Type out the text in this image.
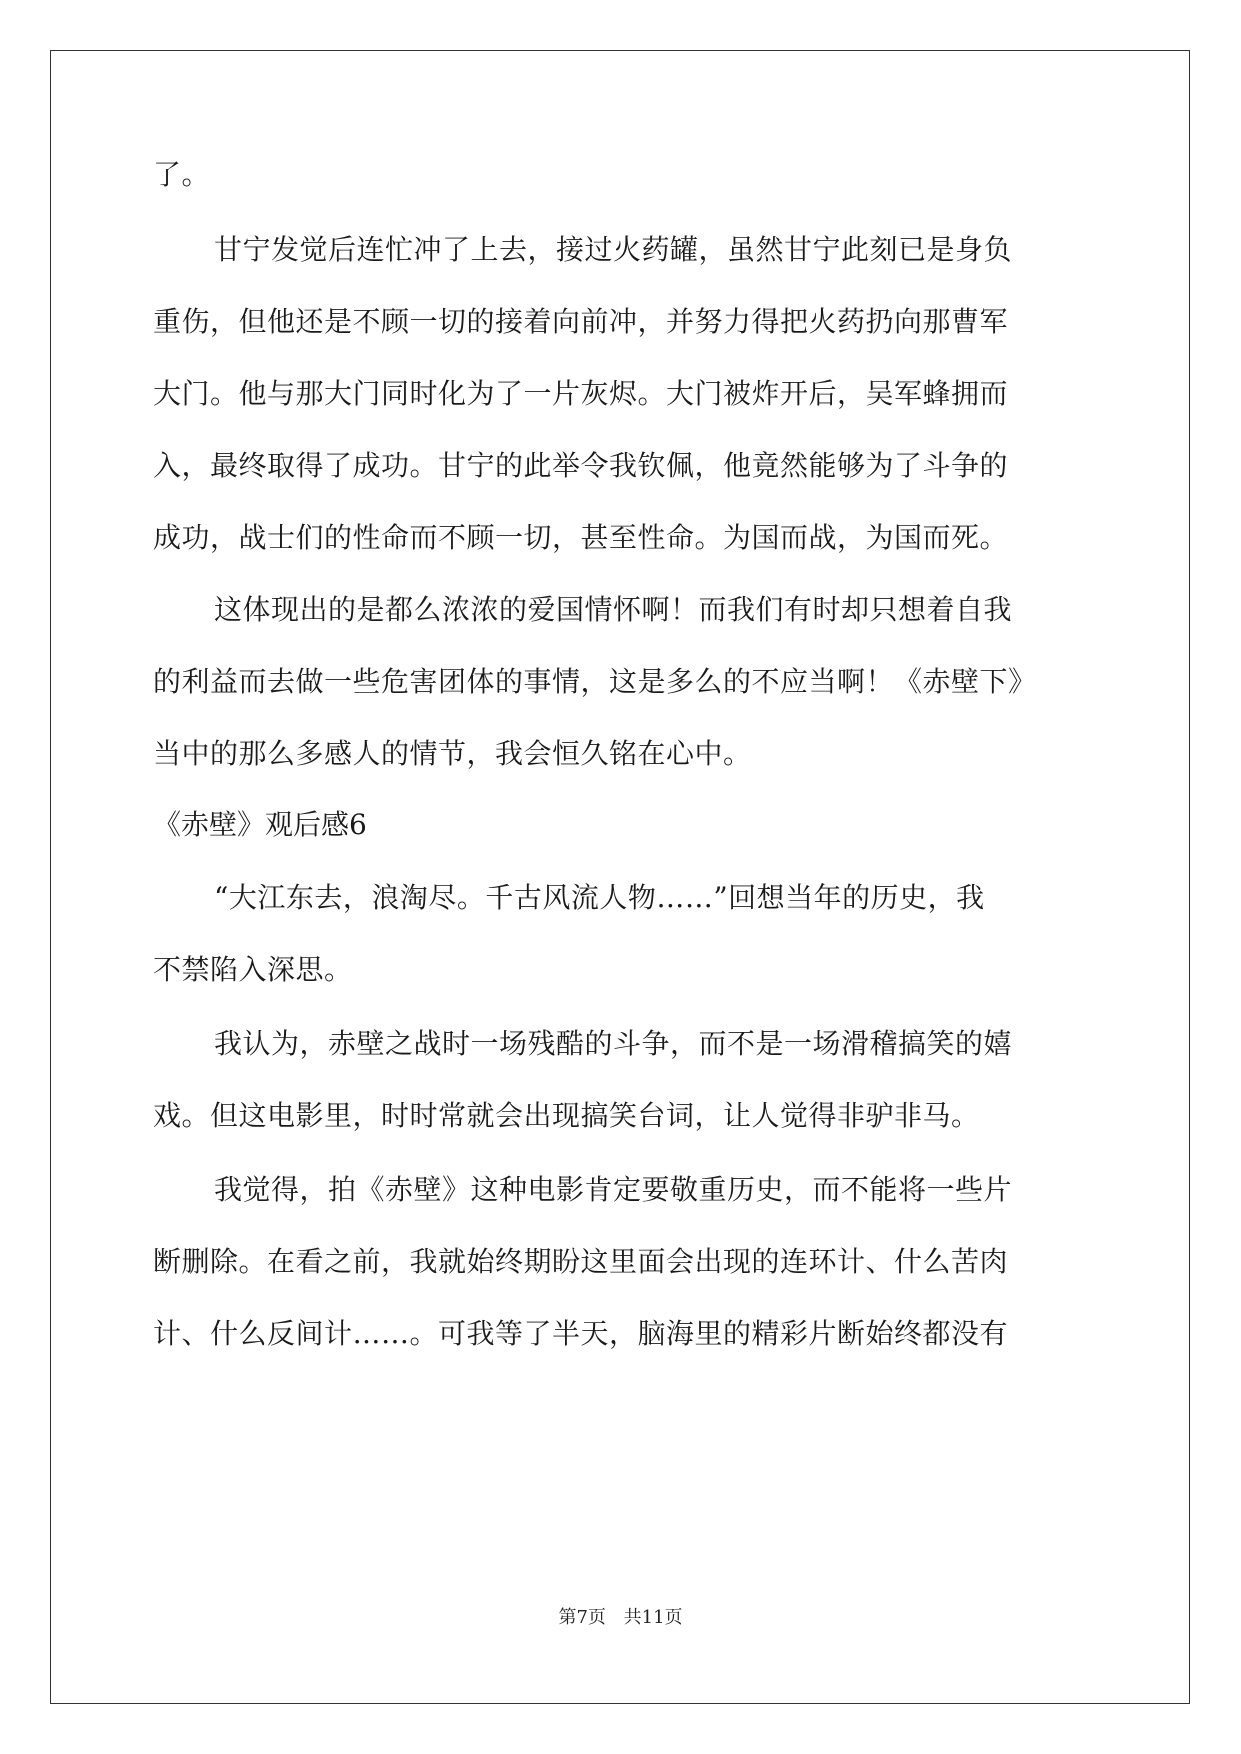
了。
甘宁发觉后连忙冲了上去，接过火药罐，虽然甘宁此刻已是身负
重伤，但他还是不顾一切的接着向前冲，并努力得把火药扔向那曹军
大门。他与那大门同时化为了一片灰烬。大门被炸开后，吴军蜂拥而
入，最终取得了成功。甘宁的此举令我钦佩，他竟然能够为了斗争的
成功，战士们的性命而不顾一切，甚至性命。为国而战，为国而死。
这体现出的是都么浓浓的爱国情怀啊！而我们有时却只想着自我
的利益而去做一些危害团体的事情，这是多么的不应当啊！《赤壁下》
当中的那么多感人的情节，我会恒久铭在心中。
《赤壁》观后感6
“大江东去，浪淘尽。千古风流人物……”回想当年的历史，我
不禁陷入深思。
我认为，赤壁之战时一场残酷的斗争，而不是一场滑稽搞笑的嬉
戏。但这电影里，时时常就会出现搞笑台词，让人觉得非驴非马。
我觉得，拍《赤壁》这种电影肯定要敬重历史，而不能将一些片
断删除。在看之前，我就始终期盼这里面会出现的连环计、什么苦肉
计、什么反间计……。可我等了半天，脑海里的精彩片断始终都没有
第7页 共11页
